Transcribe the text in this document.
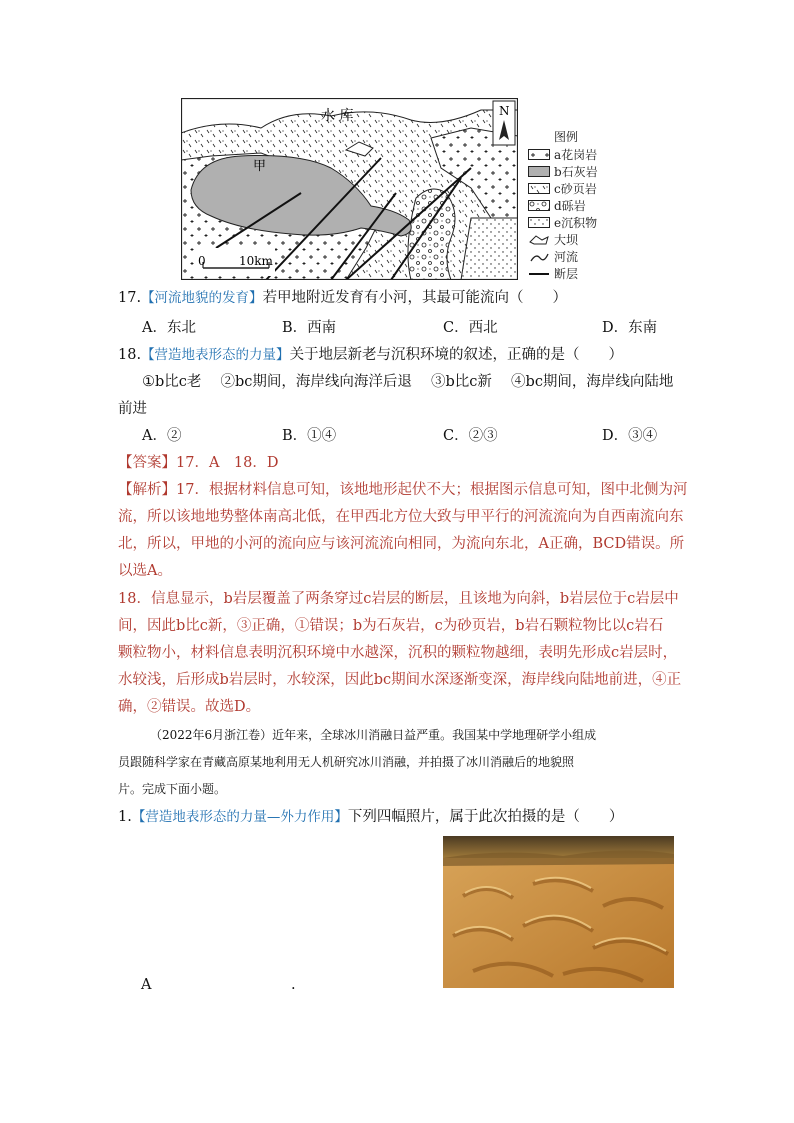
0	10km
水 库
甲
N
图例
a花岗岩
b石灰岩
c砂页岩
d砾岩
e沉积物
大坝
河流
断层
17.【河流地貌的发育】若甲地附近发育有小河，其最可能流向（　　）
A．东北	B．西南	C．西北	D．东南
18.【营造地表形态的力量】关于地层新老与沉积环境的叙述，正确的是（　　）
①b比c老　 ②bc期间，海岸线向海洋后退　 ③b比c新　 ④bc期间，海岸线向陆地
前进
A．②	B．①④	C．②③	D．③④
【答案】17．A　18．D
【解析】17．根据材料信息可知，该地地形起伏不大；根据图示信息可知，图中北侧为河
流，所以该地地势整体南高北低，在甲西北方位大致与甲平行的河流流向为自西南流向东
北，所以，甲地的小河的流向应与该河流流向相同，为流向东北，A正确，BCD错误。所
以选A。
18．信息显示，b岩层覆盖了两条穿过c岩层的断层，且该地为向斜，b岩层位于c岩层中
间，因此b比c新，③正确，①错误；b为石灰岩，c为砂页岩，b岩石颗粒物比以c岩石
颗粒物小，材料信息表明沉积环境中水越深，沉积的颗粒物越细，表明先形成c岩层时，
水较浅，后形成b岩层时，水较深，因此bc期间水深逐渐变深，海岸线向陆地前进，④正
确，②错误。故选D。
（2022年6月浙江卷）近年来，全球冰川消融日益严重。我国某中学地理研学小组成
员跟随科学家在青藏高原某地利用无人机研究冰川消融，并拍摄了冰川消融后的地貌照
片。完成下面小题。
1.【营造地表形态的力量—外力作用】下列四幅照片，属于此次拍摄的是（　　）
A	.
